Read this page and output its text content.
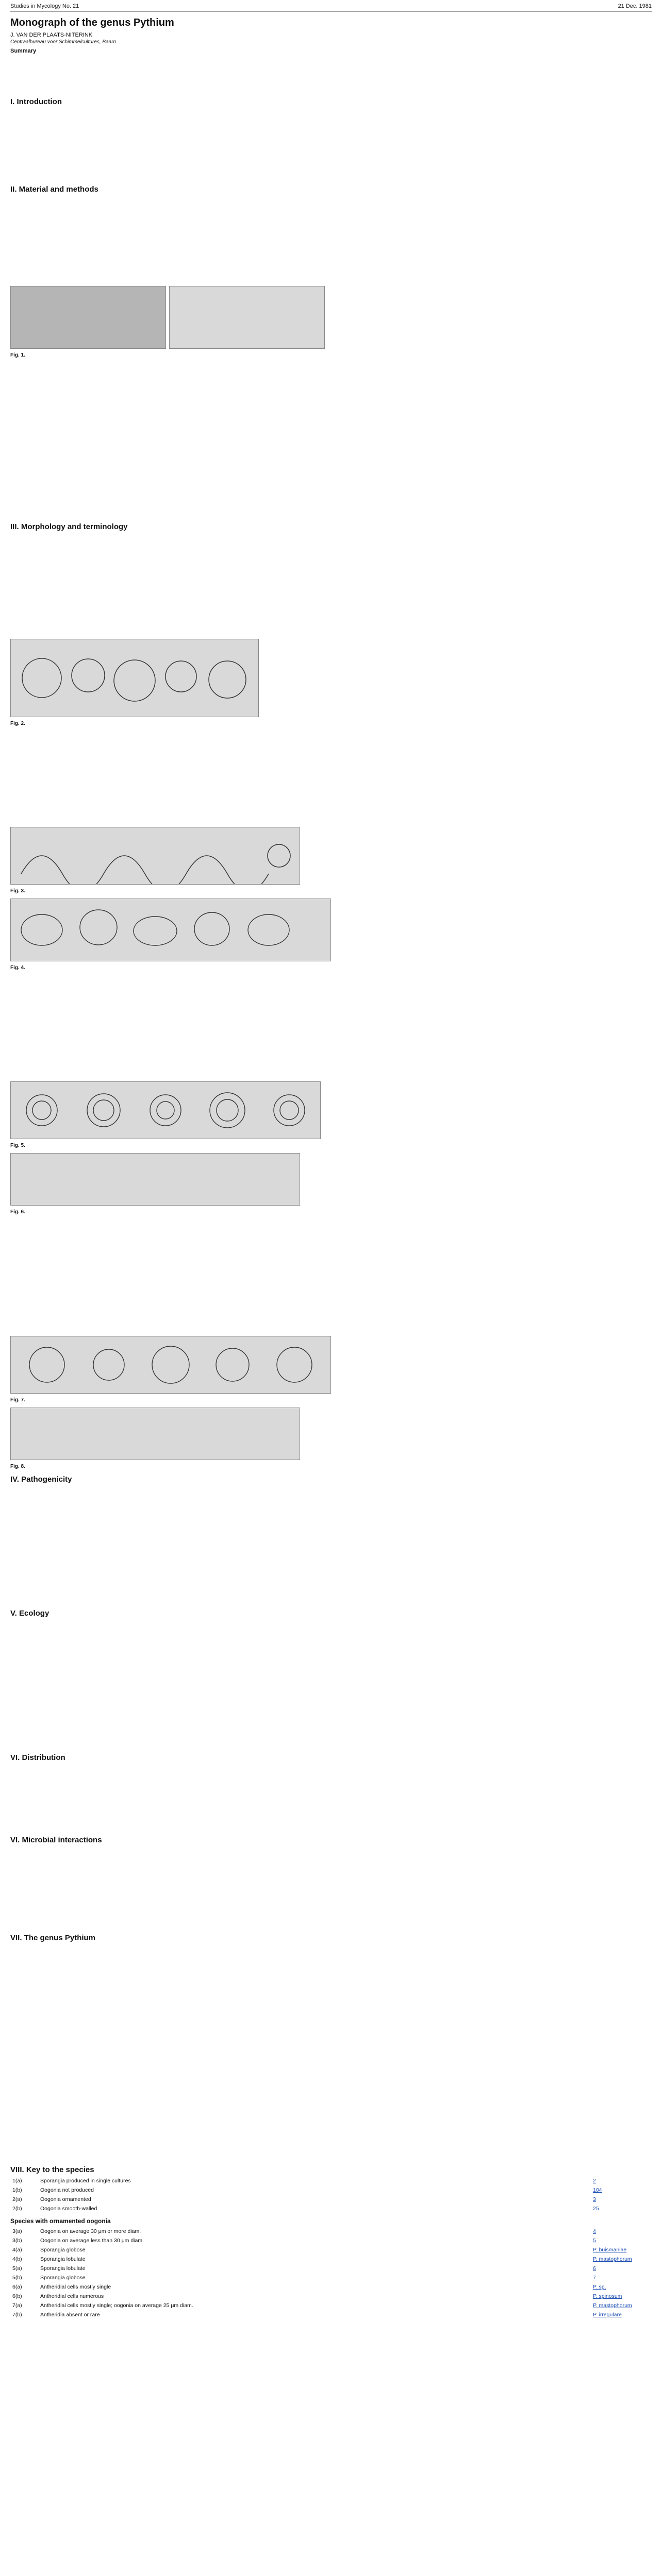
Studies in Mycology No. 21	21 Dec. 1981
Monograph of the genus Pythium
J. VAN DER PLAATS-NITERINK
Centraalbureau voor Schimmelcultures, Baarn
Summary
I. Introduction
II. Material and methods
Fig. 1.
III. Morphology and terminology
Fig. 2.
Fig. 3.
Fig. 4.
Fig. 5.
Fig. 6.
Fig. 7.
Fig. 8.
IV. Pathogenicity
V. Ecology
VI. Distribution
VI. Microbial interactions
VII. The genus Pythium
VIII. Key to the species
1(a)	Sporangia produced in single cultures	2
1(b)	Oogonia not produced	104
2(a)	Oogonia ornamented	3
2(b)	Oogonia smooth-walled	25
Species with ornamented oogonia
3(a)	Oogonia on average 30 μm or more diam.	4
3(b)	Oogonia on average less than 30 μm diam.	5
4(a)	Sporangia globose	P. buismaniae
4(b)	Sporangia lobulate	P. mastophorum
5(a)	Sporangia lobulate	6
5(b)	Sporangia globose	7
6(a)	Antheridial cells mostly single	P. sp.
6(b)	Antheridial cells numerous	P. spinosum
7(a)	Antheridial cells mostly single; oogonia on average 25 μm diam.	P. mastophorum
7(b)	Antheridia absent or rare	P. irregulare
